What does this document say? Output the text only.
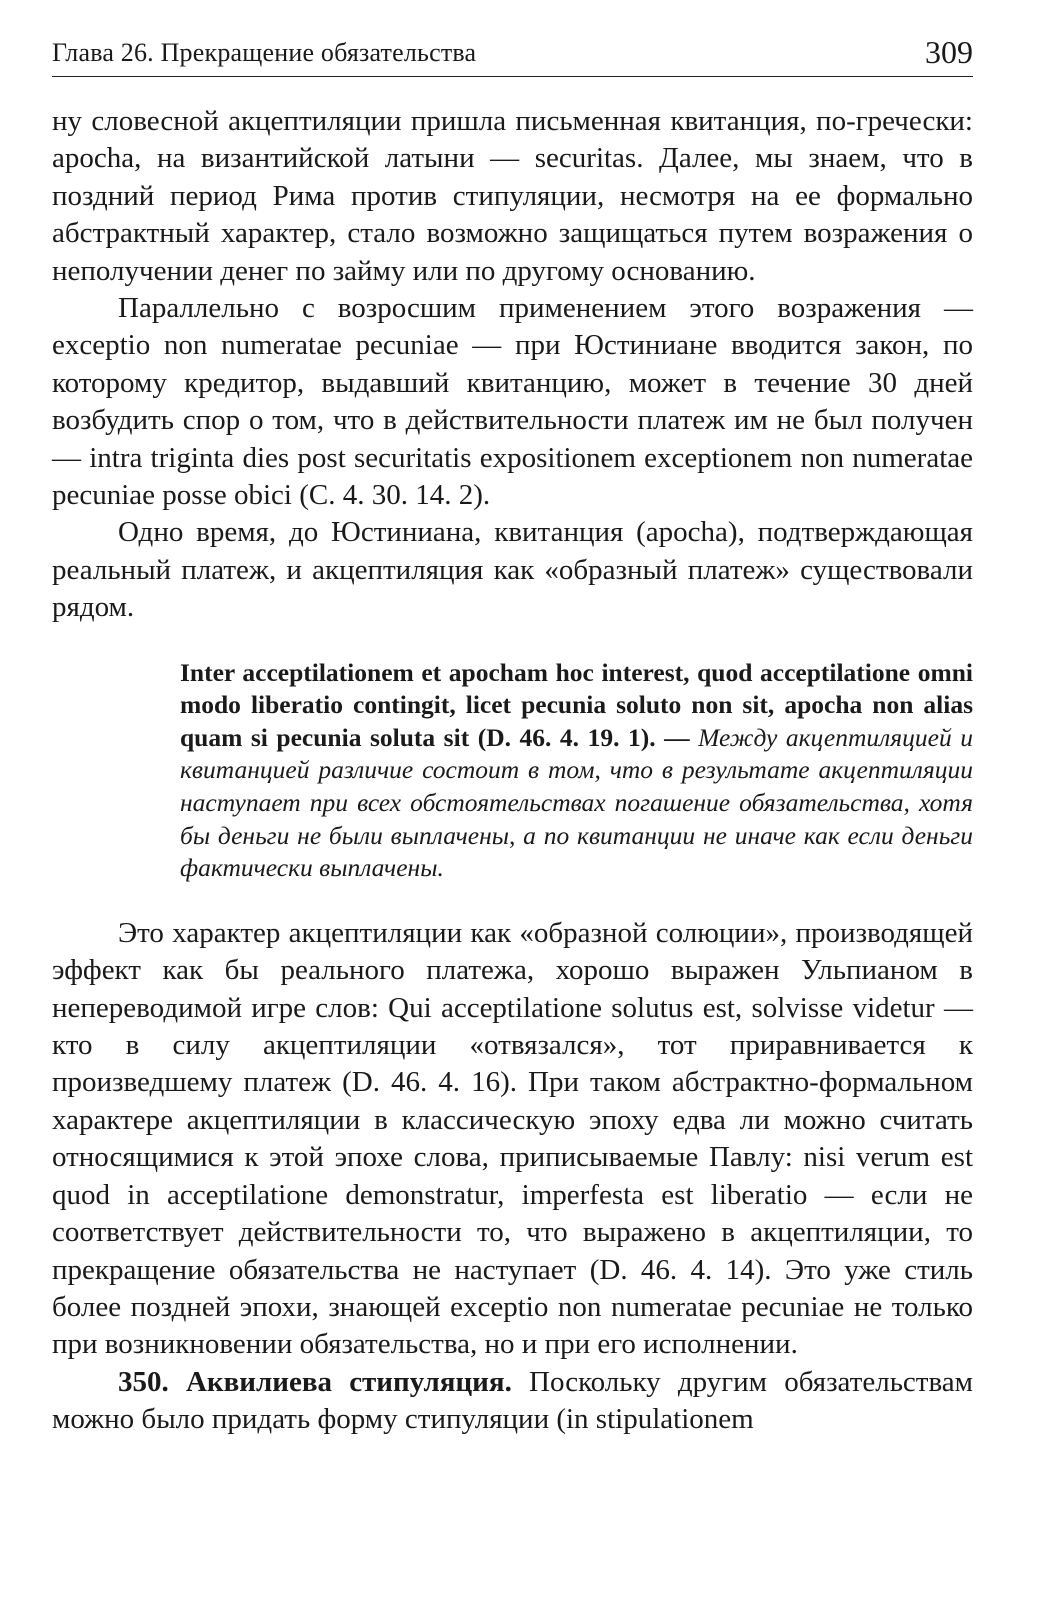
Глава 26. Прекращение обязательства	309

ну словесной акцептиляции пришла письменная квитанция, по-гречески: apocha, на византийской латыни — securitas. Далее, мы знаем, что в поздний период Рима против стипуляции, несмотря на ее формально абстрактный характер, стало возможно защищаться путем возражения о неполучении денег по займу или по другому основанию.

Параллельно с возросшим применением этого возражения — exceptio non numeratae pecuniae — при Юстиниане вводится закон, по которому кредитор, выдавший квитанцию, может в течение 30 дней возбудить спор о том, что в действительности платеж им не был получен — intra triginta dies post securitatis expositionem exceptionem non numeratae pecuniae posse obici (C. 4. 30. 14. 2).

Одно время, до Юстиниана, квитанция (apocha), подтверждающая реальный платеж, и акцептиляция как «образный платеж» существовали рядом.

Inter acceptilationem et apocham hoc interest, quod acceptilatione omni modo liberatio contingit, licet pecunia soluto non sit, apocha non alias quam si pecunia soluta sit (D. 46. 4. 19. 1). — Между акцептиляцией и квитанцией различие состоит в том, что в результате акцептиляции наступает при всех обстоятельствах погашение обязательства, хотя бы деньги не были выплачены, а по квитанции не иначе как если деньги фактически выплачены.

Это характер акцептиляции как «образной солюции», производящей эффект как бы реального платежа, хорошо выражен Ульпианом в непереводимой игре слов: Qui acceptilatione solutus est, solvisse videtur — кто в силу акцептиляции «отвязался», тот приравнивается к произведшему платеж (D. 46. 4. 16). При таком абстрактно-формальном характере акцептиляции в классическую эпоху едва ли можно считать относящимися к этой эпохе слова, приписываемые Павлу: nisi verum est quod in acceptilatione demonstratur, imperfesta est liberatio — если не соответствует действительности то, что выражено в акцептиляции, то прекращение обязательства не наступает (D. 46. 4. 14). Это уже стиль более поздней эпохи, знающей exceptio non numeratae pecuniae не только при возникновении обязательства, но и при его исполнении.

350. Аквилиева стипуляция. Поскольку другим обязательствам можно было придать форму стипуляции (in stipulationem
